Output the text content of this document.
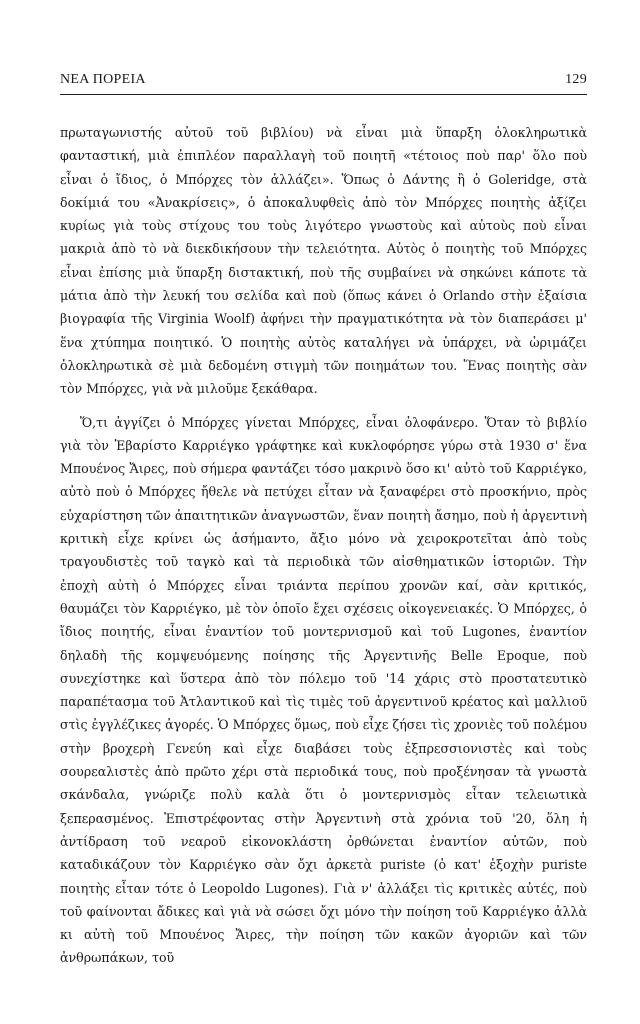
ΝΕΑ ΠΟΡΕΙΑ	129

πρωταγωνιστής αὐτοῦ τοῦ βιβλίου) νὰ εἶναι μιὰ ὕπαρξη ὁλοκληρωτικὰ φανταστική, μιὰ ἐπιπλέον παραλλαγὴ τοῦ ποιητῆ «τέτοιος ποὺ παρ' ὅλο ποὺ εἶναι ὁ ἴδιος, ὁ Μπόρχες τὸν ἀλλάζει». Ὅπως ὁ Δάντης ἢ ὁ Goleridge, στὰ δοκίμιά του «Ἀνακρίσεις», ὁ ἀποκαλυφθεὶς ἀπὸ τὸν Μπόρχες ποιητὴς ἀξίζει κυρίως γιὰ τοὺς στίχους του τοὺς λιγότερο γνωστοὺς καὶ αὐτοὺς ποὺ εἶναι μακριὰ ἀπὸ τὸ νὰ διεκδικήσουν τὴν τελειότητα. Αὐτὸς ὁ ποιητὴς τοῦ Μπόρχες εἶναι ἐπίσης μιὰ ὕπαρξη διστακτική, ποὺ τῆς συμβαίνει νὰ σηκώνει κάποτε τὰ μάτια ἀπὸ τὴν λευκή του σελίδα καὶ ποὺ (ὅπως κάνει ὁ Orlando στὴν ἐξαίσια βιογραφία τῆς Virginia Woolf) ἀφήνει τὴν πραγματικότητα νὰ τὸν διαπεράσει μ' ἕνα χτύπημα ποιητικό. Ὁ ποιητὴς αὐτὸς καταλήγει νὰ ὑπάρχει, νὰ ὡριμάζει ὁλοκληρωτικὰ σὲ μιὰ δεδομένη στιγμὴ τῶν ποιημάτων του. Ἕνας ποιητὴς σὰν τὸν Μπόρχες, γιὰ νὰ μιλοῦμε ξεκάθαρα.

Ὅ,τι ἀγγίζει ὁ Μπόρχες γίνεται Μπόρχες, εἶναι ὁλοφάνερο. Ὅταν τὸ βιβλίο γιὰ τὸν Ἐβαρίστο Καρριέγκο γράφτηκε καὶ κυκλοφόρησε γύρω στὰ 1930 σ' ἕνα Μπουένος Ἄιρες, ποὺ σήμερα φαντάζει τόσο μακρινὸ ὅσο κι' αὐτὸ τοῦ Καρριέγκο, αὐτὸ ποὺ ὁ Μπόρχες ἤθελε νὰ πετύχει εἶταν νὰ ξαναφέρει στὸ προσκήνιο, πρὸς εὐχαρίστηση τῶν ἀπαιτητικῶν ἀναγνωστῶν, ἕναν ποιητὴ ἄσημο, ποὺ ἡ ἀργεντινὴ κριτικὴ εἶχε κρίνει ὡς ἀσήμαντο, ἄξιο μόνο νὰ χειροκροτεῖται ἀπὸ τοὺς τραγουδιστὲς τοῦ ταγκὸ καὶ τὰ περιοδικὰ τῶν αἰσθηματικῶν ἱστοριῶν. Τὴν ἐποχὴ αὐτὴ ὁ Μπόρχες εἶναι τριάντα περίπου χρονῶν καί, σὰν κριτικός, θαυμάζει τὸν Καρριέγκο, μὲ τὸν ὁποῖο ἔχει σχέσεις οἰκογενειακές. Ὁ Μπόρχες, ὁ ἴδιος ποιητής, εἶναι ἐναντίον τοῦ μοντερνισμοῦ καὶ τοῦ Lugones, ἐναντίον δηλαδὴ τῆς κομψευόμενης ποίησης τῆς Ἀργεντινῆς Belle Epoque, ποὺ συνεχίστηκε καὶ ὕστερα ἀπὸ τὸν πόλεμο τοῦ '14 χάρις στὸ προστατευτικὸ παραπέτασμα τοῦ Ἀτλαντικοῦ καὶ τὶς τιμὲς τοῦ ἀργεντινοῦ κρέατος καὶ μαλλιοῦ στὶς ἐγγλέζικες ἀγορές. Ὁ Μπόρχες ὅμως, ποὺ εἶχε ζήσει τὶς χρονιὲς τοῦ πολέμου στὴν βροχερὴ Γενεύη καὶ εἶχε διαβάσει τοὺς ἐξπρεσσιονιστὲς καὶ τοὺς σουρεαλιστὲς ἀπὸ πρῶτο χέρι στὰ περιοδικά τους, ποὺ προξένησαν τὰ γνωστὰ σκάνδαλα, γνώριζε πολὺ καλὰ ὅτι ὁ μοντερνισμὸς εἶταν τελειωτικὰ ξεπερασμένος. Ἐπιστρέφοντας στὴν Ἀργεντινὴ στὰ χρόνια τοῦ '20, ὅλη ἡ ἀντίδραση τοῦ νεαροῦ εἰκονοκλάστη ὀρθώνεται ἐναντίον αὐτῶν, ποὺ καταδικάζουν τὸν Καρριέγκο σὰν ὄχι ἀρκετὰ puriste (ὁ κατ' ἐξοχὴν puriste ποιητὴς εἶταν τότε ὁ Leopoldo Lugones). Γιὰ ν' ἀλλάξει τὶς κριτικὲς αὐτές, ποὺ τοῦ φαίνονται ἄδικες καὶ γιὰ νὰ σώσει ὄχι μόνο τὴν ποίηση τοῦ Καρριέγκο ἀλλὰ κι αὐτὴ τοῦ Μπουένος Ἄιρες, τὴν ποίηση τῶν κακῶν ἀγοριῶν καὶ τῶν ἀνθρωπάκων, τοῦ
